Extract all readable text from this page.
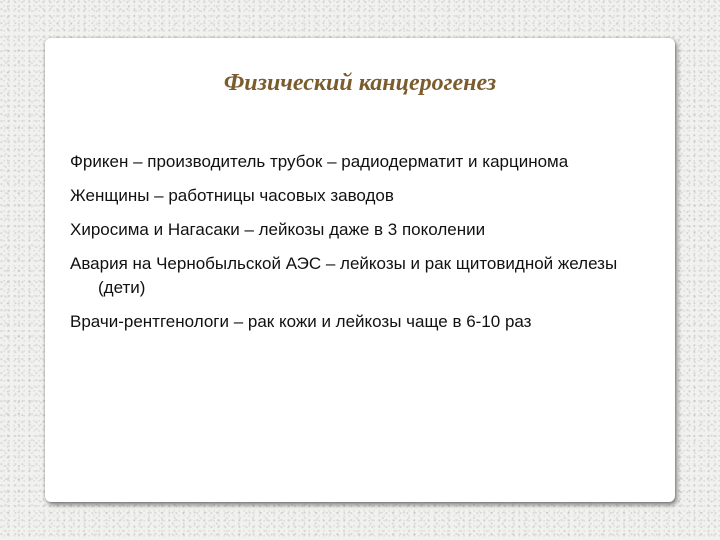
Физический канцерогенез
Фрикен – производитель трубок – радиодерматит и карцинома
Женщины – работницы часовых заводов
Хиросима и Нагасаки – лейкозы даже в 3 поколении
Авария на Чернобыльской АЭС – лейкозы и рак щитовидной железы (дети)
Врачи-рентгенологи – рак кожи и лейкозы чаще в 6-10 раз
